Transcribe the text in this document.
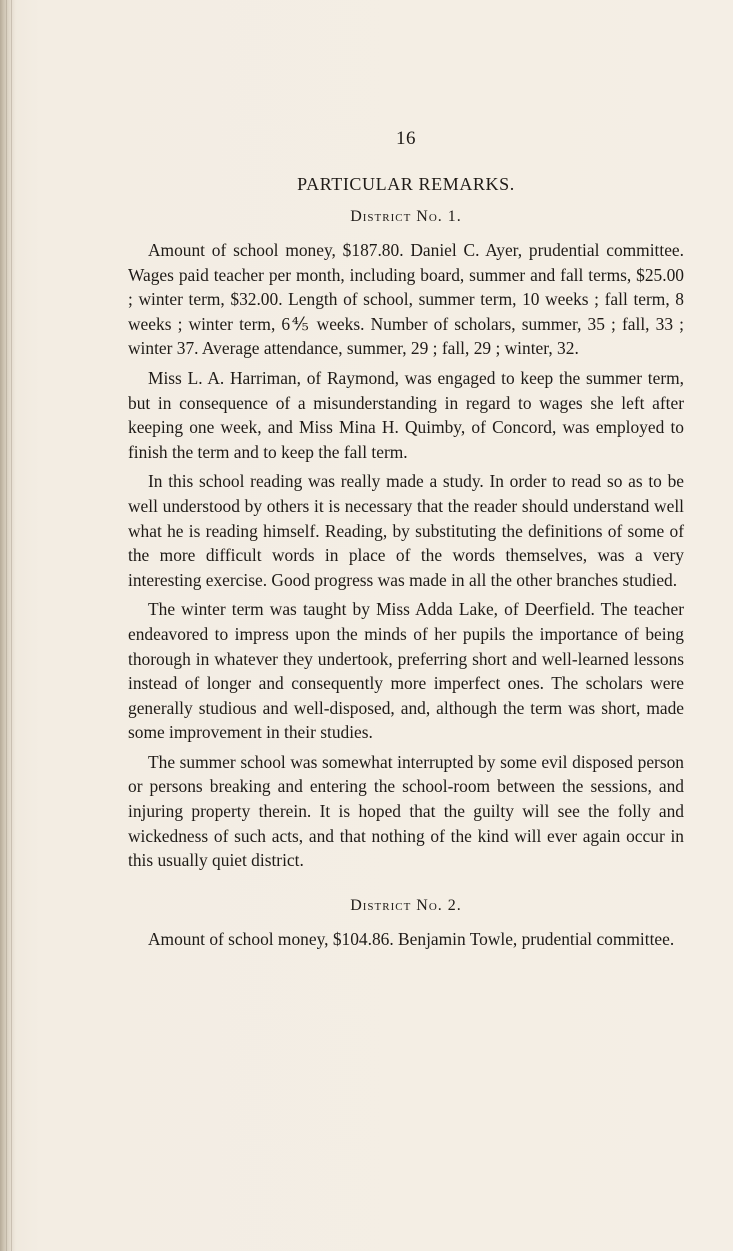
16
PARTICULAR REMARKS.
District No. 1.

Amount of school money, $187.80. Daniel C. Ayer, prudential committee. Wages paid teacher per month, including board, summer and fall terms, $25.00 ; winter term, $32.00. Length of school, summer term, 10 weeks ; fall term, 8 weeks ; winter term, 6⅘ weeks. Number of scholars, summer, 35 ; fall, 33 ; winter 37. Average attendance, summer, 29 ; fall, 29 ; winter, 32.

Miss L. A. Harriman, of Raymond, was engaged to keep the summer term, but in consequence of a misunderstanding in regard to wages she left after keeping one week, and Miss Mina H. Quimby, of Concord, was employed to finish the term and to keep the fall term.

In this school reading was really made a study. In order to read so as to be well understood by others it is necessary that the reader should understand well what he is reading himself. Reading, by substituting the definitions of some of the more difficult words in place of the words themselves, was a very interesting exercise. Good progress was made in all the other branches studied.

The winter term was taught by Miss Adda Lake, of Deerfield. The teacher endeavored to impress upon the minds of her pupils the importance of being thorough in whatever they undertook, preferring short and well-learned lessons instead of longer and consequently more imperfect ones. The scholars were generally studious and well-disposed, and, although the term was short, made some improvement in their studies.

The summer school was somewhat interrupted by some evil disposed person or persons breaking and entering the school-room between the sessions, and injuring property therein. It is hoped that the guilty will see the folly and wickedness of such acts, and that nothing of the kind will ever again occur in this usually quiet district.

District No. 2.

Amount of school money, $104.86. Benjamin Towle, prudential committee.
